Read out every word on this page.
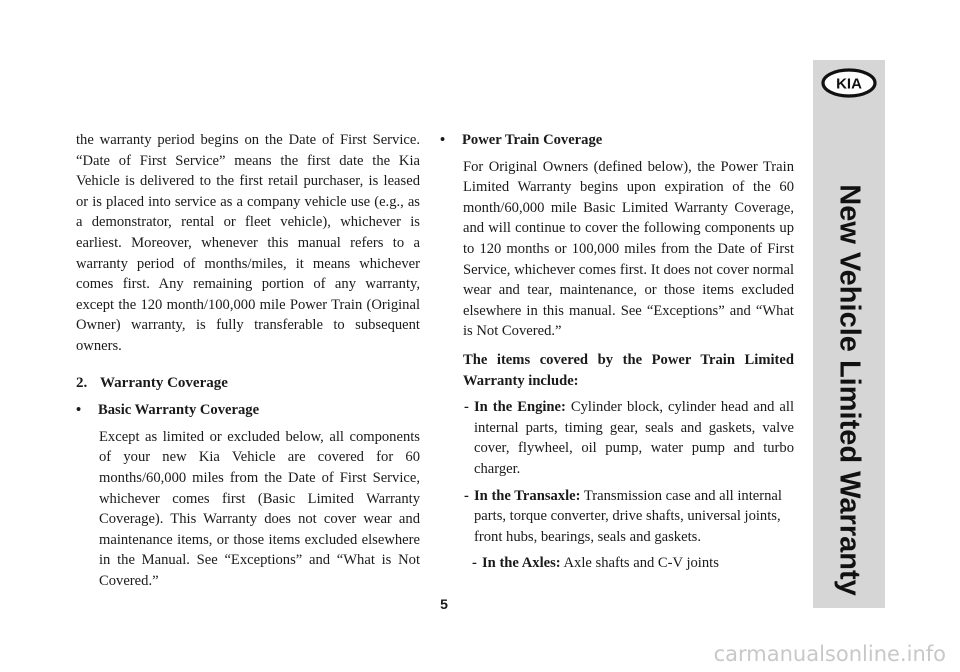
the warranty period begins on the Date of First Service. “Date of First Service” means the first date the Kia Vehicle is delivered to the first retail purchaser, is leased or is placed into service as a company vehicle use (e.g., as a demonstrator, rental or fleet vehicle), whichever is earliest. Moreover, whenever this manual refers to a warranty period of months/miles, it means whichever comes first. Any remaining portion of any warranty, except the 120 month/100,000 mile Power Train (Original Owner) warranty, is fully transferable to subsequent owners.

2. Warranty Coverage
• Basic Warranty Coverage

Except as limited or excluded below, all components of your new Kia Vehicle are covered for 60 months/60,000 miles from the Date of First Service, whichever comes first (Basic Limited Warranty Coverage). This Warranty does not cover wear and maintenance items, or those items excluded elsewhere in the Manual. See “Exceptions” and “What is Not Covered.”

• Power Train Coverage

For Original Owners (defined below), the Power Train Limited Warranty begins upon expiration of the 60 month/60,000 mile Basic Limited Warranty Coverage, and will continue to cover the following components up to 120 months or 100,000 miles from the Date of First Service, whichever comes first. It does not cover normal wear and tear, maintenance, or those items excluded elsewhere in this manual. See “Exceptions” and “What is Not Covered.”

The items covered by the Power Train Limited Warranty include:

- In the Engine: Cylinder block, cylinder head and all internal parts, timing gear, seals and gaskets, valve cover, flywheel, oil pump, water pump and turbo charger.
- In the Transaxle: Transmission case and all internal parts, torque converter, drive shafts, universal joints, front hubs, bearings, seals and gaskets.
- In the Axles: Axle shafts and C-V joints
5
KIA
New Vehicle Limited Warranty
carmanualsonline.info
